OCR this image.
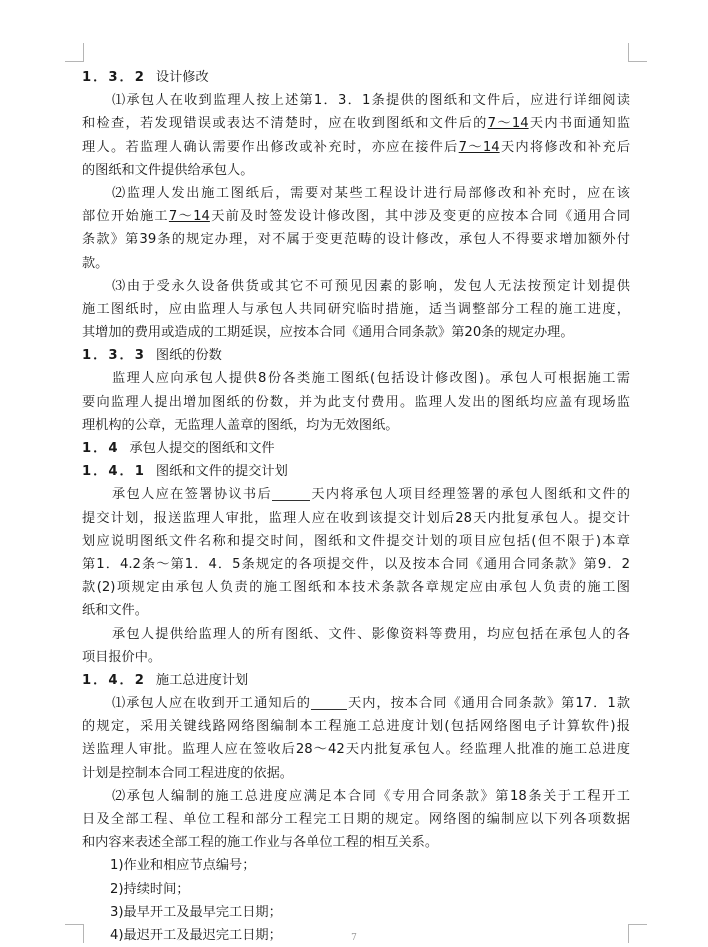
1．3．2 设计修改
⑴承包人在收到监理人按上述第1．3．1条提供的图纸和文件后，应进行详细阅读
和检查，若发现错误或表达不清楚时，应在收到图纸和文件后的7～14天内书面通知监
理人。若监理人确认需要作出修改或补充时，亦应在接件后7～14天内将修改和补充后
的图纸和文件提供给承包人。
⑵监理人发出施工图纸后，需要对某些工程设计进行局部修改和补充时，应在该
部位开始施工7～14天前及时签发设计修改图，其中涉及变更的应按本合同《通用合同
条款》第39条的规定办理，对不属于变更范畴的设计修改，承包人不得要求增加额外付
款。
⑶由于受永久设备供货或其它不可预见因素的影响，发包人无法按预定计划提供
施工图纸时，应由监理人与承包人共同研究临时措施，适当调整部分工程的施工进度，
其增加的费用或造成的工期延误，应按本合同《通用合同条款》第20条的规定办理。
1．3．3 图纸的份数
监理人应向承包人提供8份各类施工图纸(包括设计修改图)。承包人可根据施工需
要向监理人提出增加图纸的份数，并为此支付费用。监理人发出的图纸均应盖有现场监
理机构的公章，无监理人盖章的图纸，均为无效图纸。
1．4 承包人提交的图纸和文件
1．4．1 图纸和文件的提交计划
承包人应在签署协议书后	天内将承包人项目经理签署的承包人图纸和文件的
提交计划，报送监理人审批，监理人应在收到该提交计划后28天内批复承包人。提交计
划应说明图纸文件名称和提交时间，图纸和文件提交计划的项目应包括(但不限于)本章
第1．4.2条～第1．4．5条规定的各项提交件，以及按本合同《通用合同条款》第9．2
款(2)项规定由承包人负责的施工图纸和本技术条款各章规定应由承包人负责的施工图
纸和文件。
承包人提供给监理人的所有图纸、文件、影像资料等费用，均应包括在承包人的各
项目报价中。
1．4．2 施工总进度计划
⑴承包人应在收到开工通知后的	天内，按本合同《通用合同条款》第17．1款
的规定，采用关键线路网络图编制本工程施工总进度计划(包括网络图电子计算软件)报
送监理人审批。监理人应在签收后28～42天内批复承包人。经监理人批准的施工总进度
计划是控制本合同工程进度的依据。
⑵承包人编制的施工总进度应满足本合同《专用合同条款》第18条关于工程开工
日及全部工程、单位工程和部分工程完工日期的规定。网络图的编制应以下列各项数据
和内容来表述全部工程的施工作业与各单位工程的相互关系。
1)作业和相应节点编号；
2)持续时间；
3)最早开工及最早完工日期；
4)最迟开工及最迟完工日期；	7
